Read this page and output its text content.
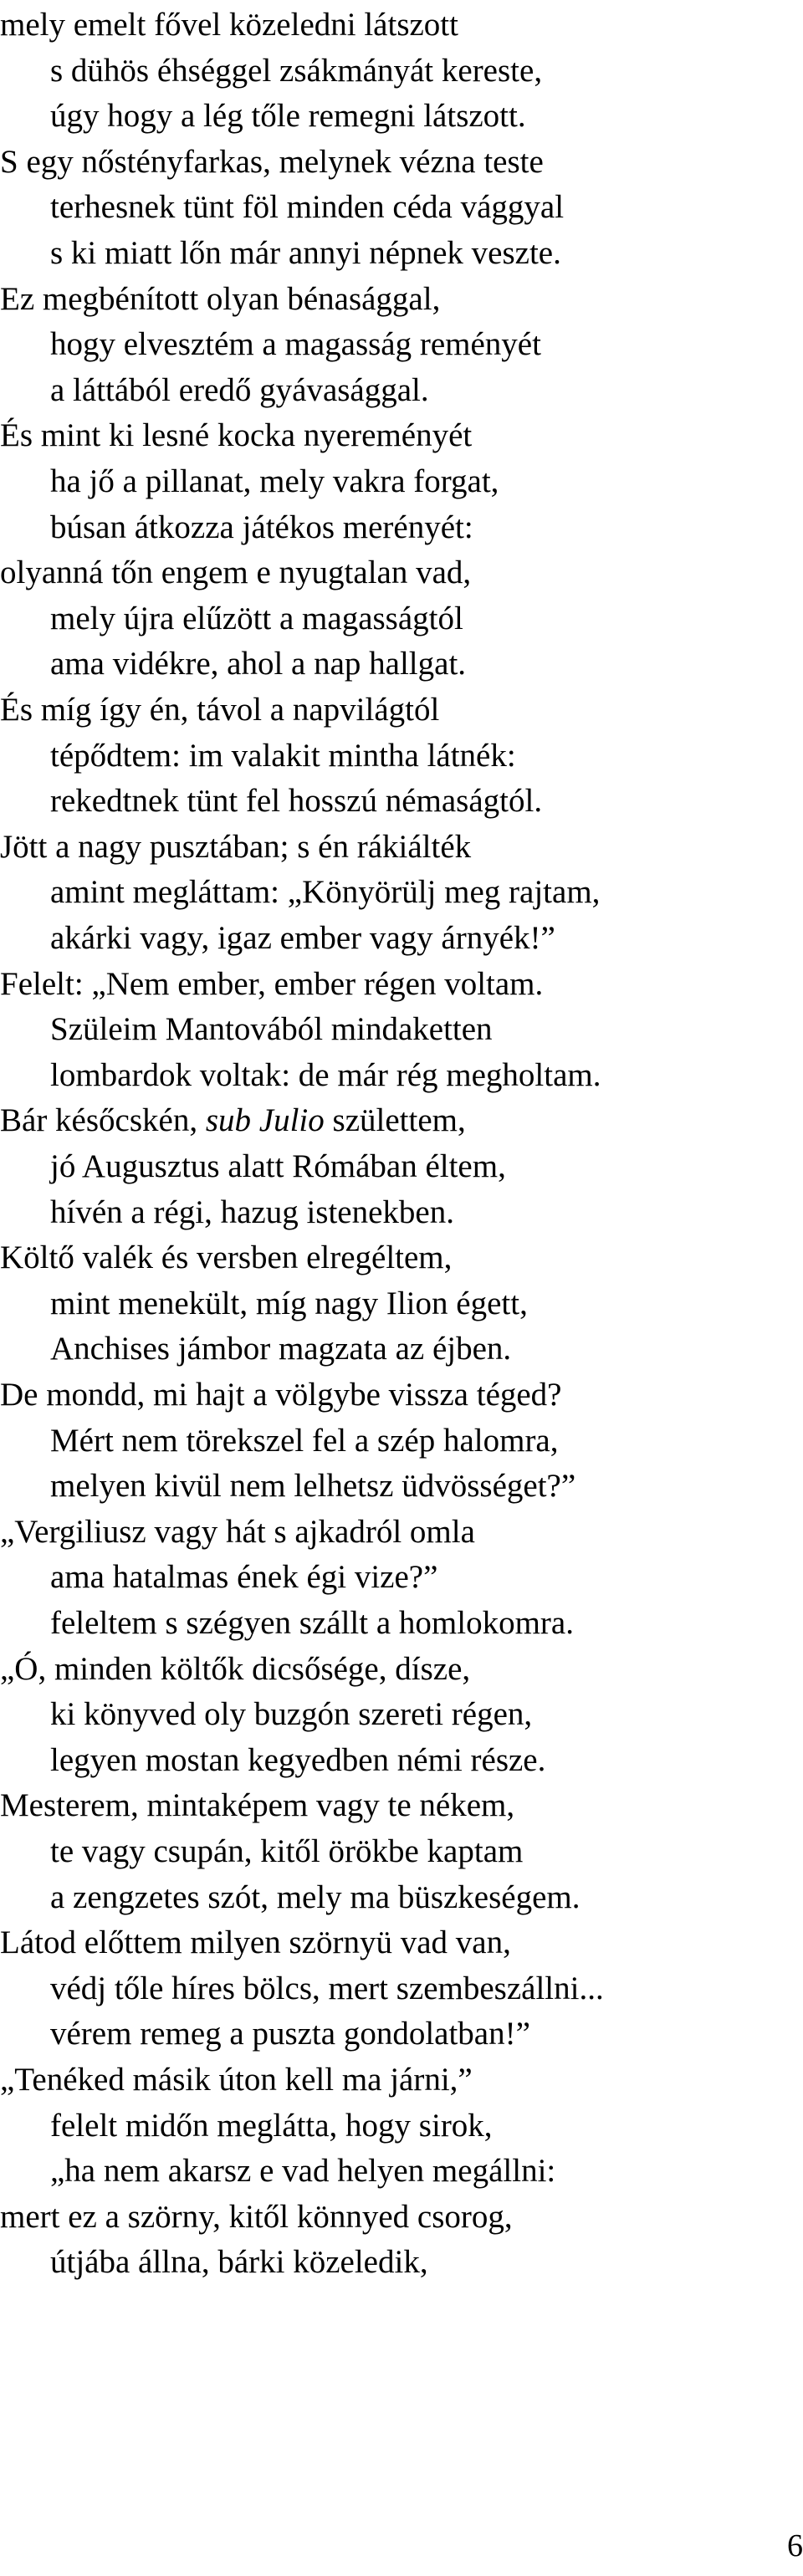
mely emelt fővel közeledni látszott
s dühös éhséggel zsákmányát kereste,
úgy hogy a lég tőle remegni látszott.
S egy nőstényfarkas, melynek vézna teste
terhesnek tünt föl minden céda vággyal
s ki miatt lőn már annyi népnek veszte.
Ez megbénított olyan bénasággal,
hogy elvesztém a magasság reményét
a láttából eredő gyávasággal.
És mint ki lesné kocka nyereményét
ha jő a pillanat, mely vakra forgat,
búsan átkozza játékos merényét:
olyanná tőn engem e nyugtalan vad,
mely újra elűzött a magasságtól
ama vidékre, ahol a nap hallgat.
És míg így én, távol a napvilágtól
tépődtem: im valakit mintha látnék:
rekedtnek tünt fel hosszú némaságtól.
Jött a nagy pusztában; s én rákiálték
amint megláttam: „Könyörülj meg rajtam,
akárki vagy, igaz ember vagy árnyék!”
Felelt: „Nem ember, ember régen voltam.
Szüleim Mantovából mindaketten
lombardok voltak: de már rég megholtam.
Bár későcskén, sub Julio születtem,
jó Augusztus alatt Rómában éltem,
hívén a régi, hazug istenekben.
Költő valék és versben elregéltem,
mint menekült, míg nagy Ilion égett,
Anchises jámbor magzata az éjben.
De mondd, mi hajt a völgybe vissza téged?
Mért nem törekszel fel a szép halomra,
melyen kivül nem lelhetsz üdvösséget?”
„Vergiliusz vagy hát s ajkadról omla
ama hatalmas ének égi vize?”
feleltem s szégyen szállt a homlokomra.
„Ó, minden költők dicsősége, dísze,
ki könyved oly buzgón szereti régen,
legyen mostan kegyedben némi része.
Mesterem, mintaképem vagy te nékem,
te vagy csupán, kitől örökbe kaptam
a zengzetes szót, mely ma büszkeségem.
Látod előttem milyen szörnyü vad van,
védj tőle híres bölcs, mert szembeszállni...
vérem remeg a puszta gondolatban!”
„Tenéked másik úton kell ma járni,”
felelt midőn meglátta, hogy sirok,
„ha nem akarsz e vad helyen megállni:
mert ez a szörny, kitől könnyed csorog,
útjába állna, bárki közeledik,
6
